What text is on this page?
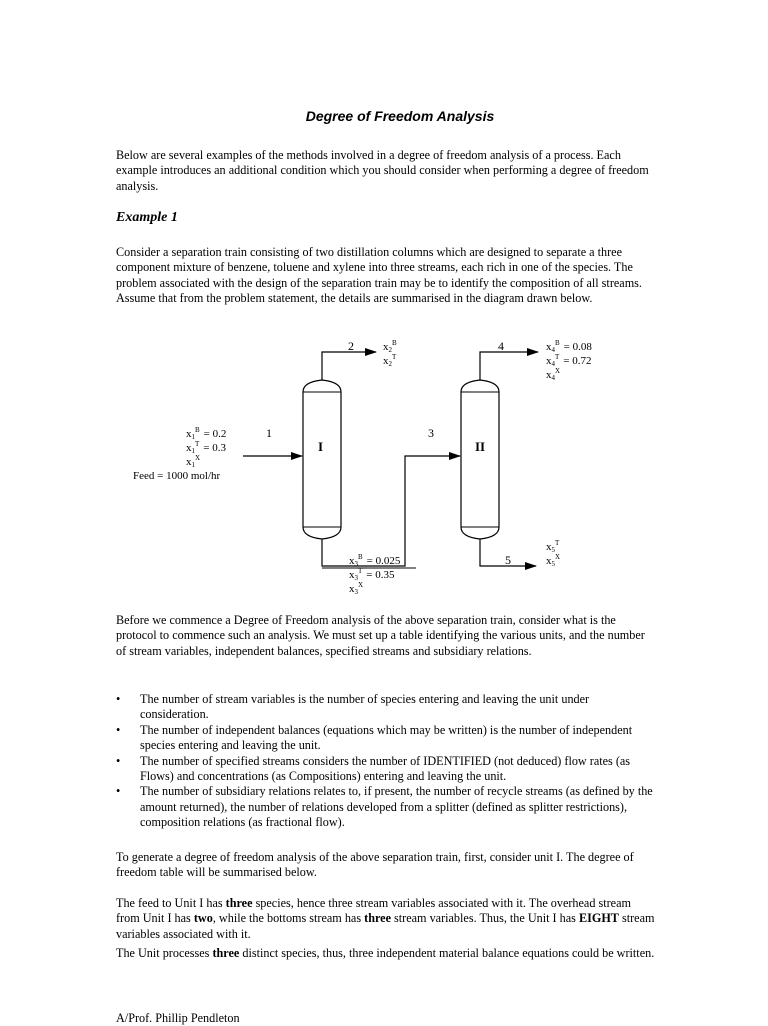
Degree of Freedom Analysis
Below are several examples of the methods involved in a degree of freedom analysis of a process. Each example introduces an additional condition which you should consider when performing a degree of freedom analysis.
Example 1
Consider a separation train consisting of two distillation columns which are designed to separate a three component mixture of benzene, toluene and xylene into three streams, each rich in one of the species. The problem associated with the design of the separation train may be to identify the composition of all streams. Assume that from the problem statement, the details are summarised in the diagram drawn below.
I	II
1
2
3
4
5
$x1^B = 0.2$
$x1^T = 0.3$
$x1^X$
Feed = 1000 mol/hr
$x2^B$
$x2^T$
$x4^B = 0.08$
$x4^T = 0.72$
$x4^X$
$x3^B = 0.025$
$x3^T = 0.35$
$x3^X$
$x5^T$
$x5^X$
Before we commence a Degree of Freedom analysis of the above separation train, consider what is the protocol to commence such an analysis. We must set up a table identifying the various units, and the number of stream variables, independent balances, specified streams and subsidiary relations.
• The number of stream variables is the number of species entering and leaving the unit under consideration.
• The number of independent balances (equations which may be written) is the number of independent species entering and leaving the unit.
• The number of specified streams considers the number of IDENTIFIED (not deduced) flow rates (as Flows) and concentrations (as Compositions) entering and leaving the unit.
• The number of subsidiary relations relates to, if present, the number of recycle streams (as defined by the amount returned), the number of relations developed from a splitter (defined as splitter restrictions), composition relations (as fractional flow).
To generate a degree of freedom analysis of the above separation train, first, consider unit I. The degree of freedom table will be summarised below.
The feed to Unit I has three species, hence three stream variables associated with it. The overhead stream from Unit I has two, while the bottoms stream has three stream variables. Thus, the Unit I has EIGHT stream variables associated with it.
The Unit processes three distinct species, thus, three independent material balance equations could be written.
A/Prof. Phillip Pendleton
